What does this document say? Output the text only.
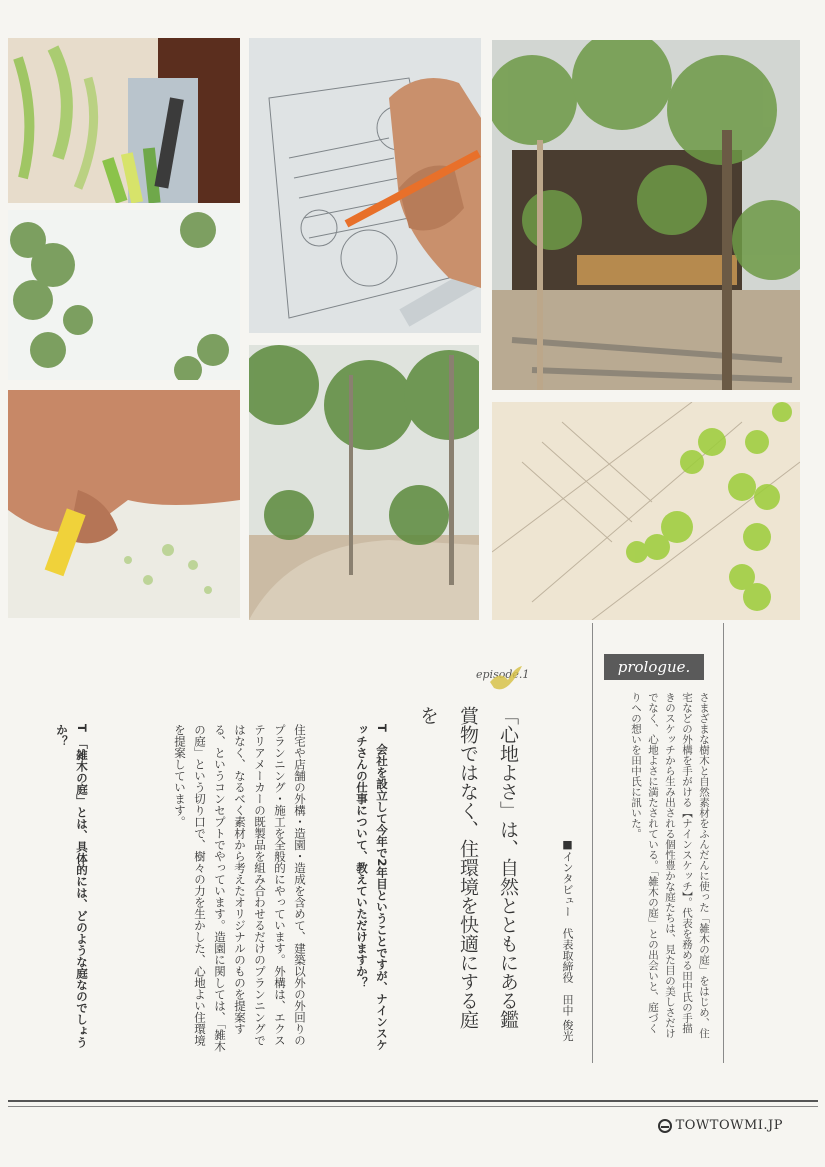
prologue.
さまざまな樹木と自然素材をふんだんに使った「雑木の庭」をはじめ、住宅などの外構を手がける【ナインスケッチ】。代表を務める田中氏の手描きのスケッチから生み出される個性豊かな庭たちは、見た目の美しさだけでなく、心地よさに満たされている。「雑木の庭」との出会いと、庭づくりへの想いを田中氏に訊いた。
episode.1
「心地よさ」は、自然とともにある鑑賞物ではなく、住環境を快適にする庭を
■インタビュー　代表取締役　田中 俊光
T　会社を設立して今年で2年目ということですが、ナインスケッチさんの仕事について、教えていただけますか？
住宅や店舗の外構・造園・造成を含めて、建築以外の外回りのプランニング・施工を全般的にやっています。外構は、エクステリアメーカーの既製品を組み合わせるだけのプランニングではなく、なるべく素材から考えたオリジナルのものを提案する、というコンセプトでやっています。造園に関しては、「雑木の庭」という切り口で、樹々の力を生かした、心地よい住環境を提案しています。
T　「雑木の庭」とは、具体的には、どのような庭なのでしょうか？
TOWTOWMI.JP
